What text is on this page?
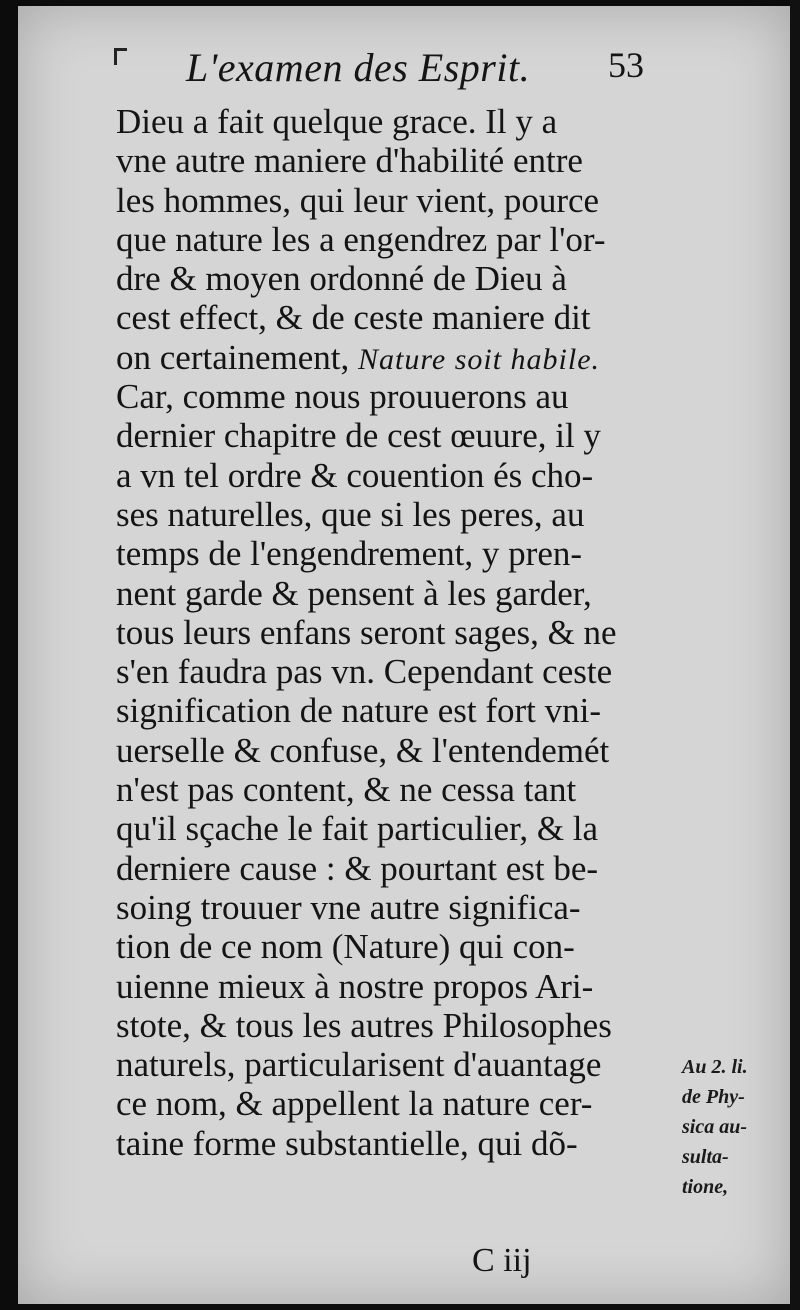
L'examen des Esprit. 53
Dieu a fait quelque grace. Il y a
vne autre maniere d'habilité entre
les hommes, qui leur vient, pource
que nature les a engendrez par l'or-
dre & moyen ordonné de Dieu à
cest effect, & de ceste maniere dit
on certainement, Nature soit habile.
Car, comme nous prouuerons au
dernier chapitre de cest œuure, il y
a vn tel ordre & couention és cho-
ses naturelles, que si les peres, au
temps de l'engendrement, y pren-
nent garde & pensent à les garder,
tous leurs enfans seront sages, & ne
s'en faudra pas vn. Cependant ceste
signification de nature est fort vni-
uerselle & confuse, & l'entendemét
n'est pas content, & ne cessa tant
qu'il sçache le fait particulier, & la
derniere cause : & pourtant est be-
soing trouuer vne autre significa-
tion de ce nom (Nature) qui con-
uienne mieux à nostre propos Ari-
stote, & tous les autres Philosophes
naturels, particularisent d'auantage
ce nom, & appellent la nature cer-
taine forme substantielle, qui dõ-
Au 2. li.
de Phy-
sica au-
sulta-
tione,
C iij
